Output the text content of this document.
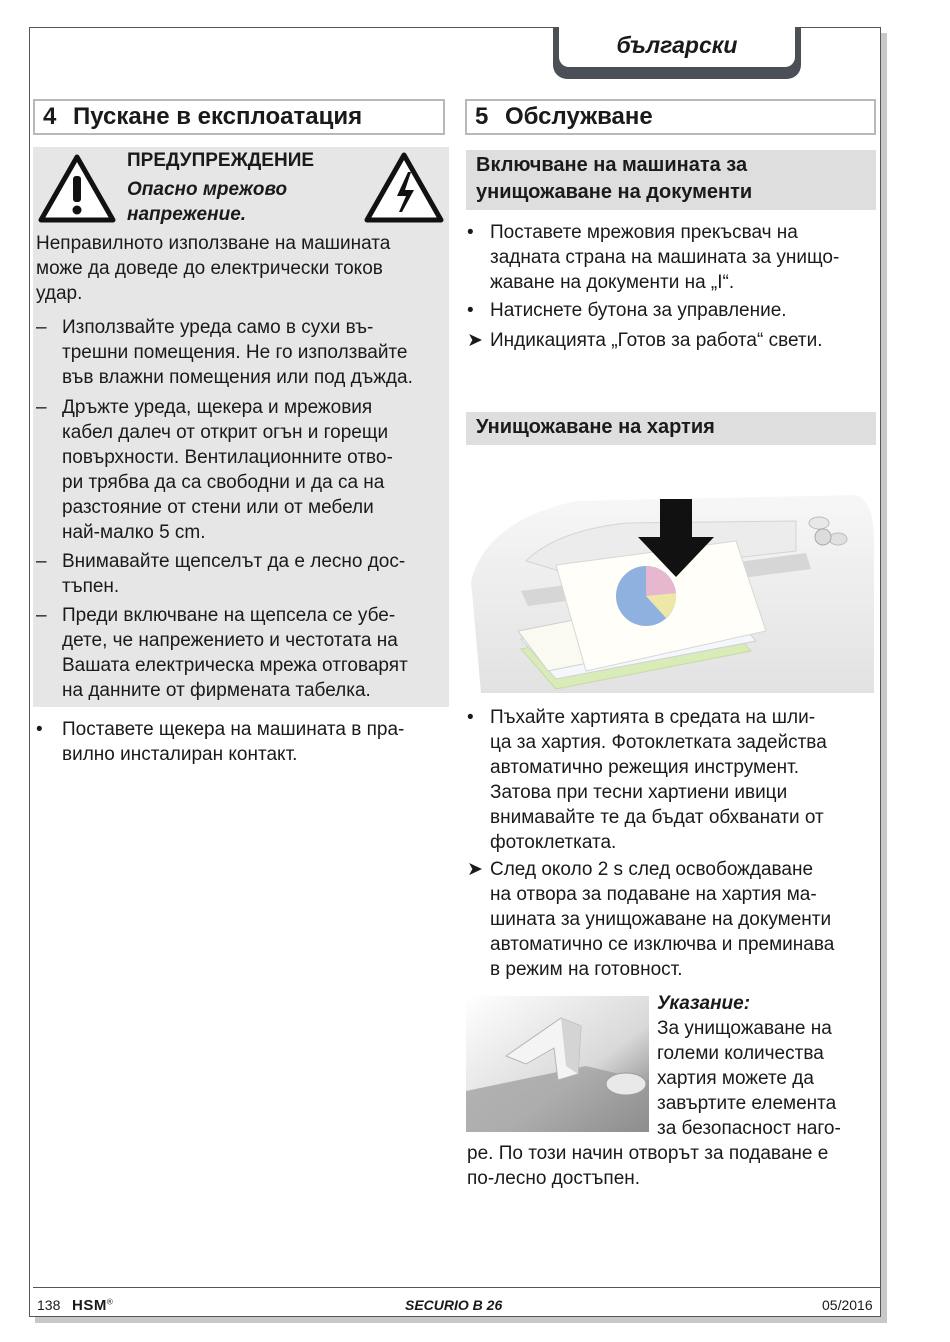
български
4 Пускане в експлоатация
ПРЕДУПРЕЖДЕНИЕ
Опасно мрежово
напрежение.
Неправилното използване на машината
може да доведе до електрически токов
удар.
– Използвайте уреда само в сухи въ-
трешни помещения. Не го използвайте
във влажни помещения или под дъжда.
– Дръжте уреда, щекера и мрежовия
кабел далеч от открит огън и горещи
повърхности. Вентилационните отво-
ри трябва да са свободни и да са на
разстояние от стени или от мебели
най-малко 5 cm.
– Внимавайте щепселът да е лесно дос-
тъпен.
– Преди включване на щепсела се убе-
дете, че напрежението и честотата на
Вашата електрическа мрежа отговарят
на данните от фирмената табелка.
• Поставете щекера на машината в пра-
вилно инсталиран контакт.
5 Обслужване
Включване на машината за
унищожаване на документи
• Поставете мрежовия прекъсвач на
задната страна на машината за унищо-
жаване на документи на „I“.
• Натиснете бутона за управление.
➤ Индикацията „Готов за работа“ свети.
Унищожаване на хартия
• Пъхайте хартията в средата на шли-
ца за хартия. Фотоклетката задейства
автоматично режещия инструмент.
Затова при тесни хартиени ивици
внимавайте те да бъдат обхванати от
фотоклетката.
➤ След около 2 s след освобождаване
на отвора за подаване на хартия ма-
шината за унищожаване на документи
автоматично се изключва и преминава
в режим на готовност.
Указание:
За унищожаване на
големи количества
хартия можете да
завъртите елемента
за безопасност наго-
ре. По този начин отворът за подаване е
по-лесно достъпен.
138 HSM®	SECURIO B 26	05/2016
